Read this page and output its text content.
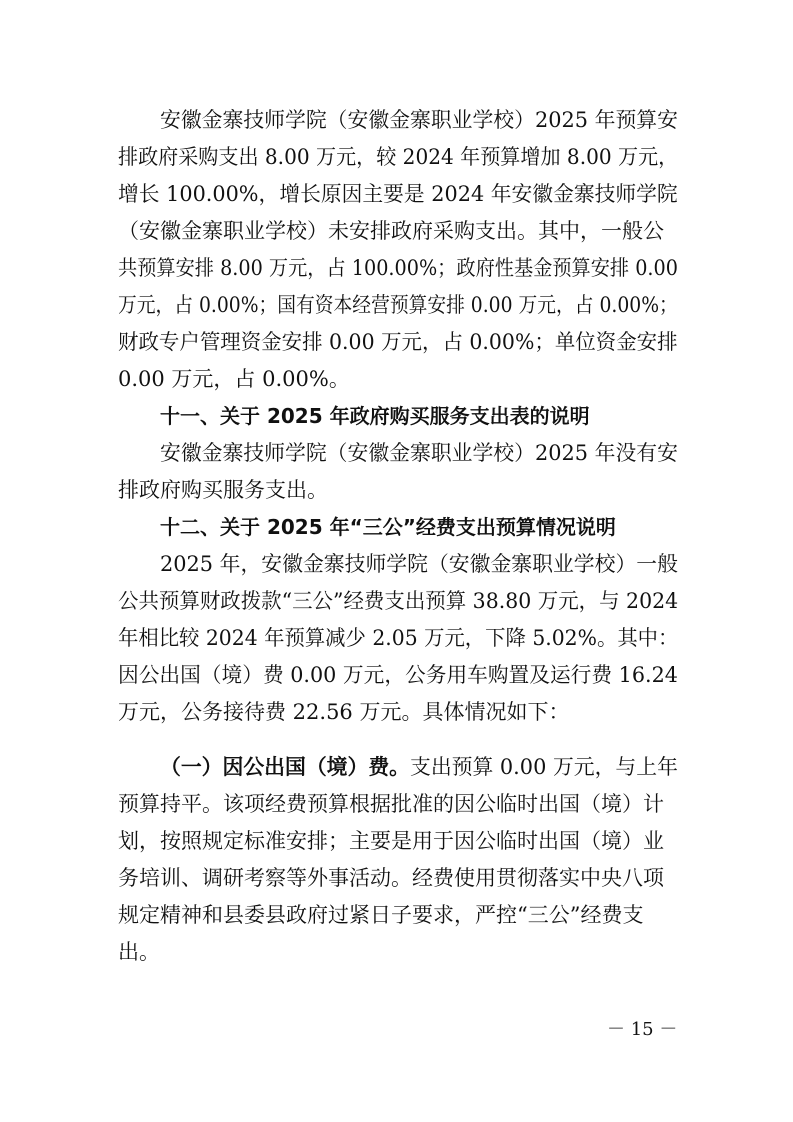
安徽金寨技师学院（安徽金寨职业学校）2025 年预算安
排政府采购支出 8.00 万元，较 2024 年预算增加 8.00 万元，
增长 100.00%，增长原因主要是 2024 年安徽金寨技师学院
（安徽金寨职业学校）未安排政府采购支出。其中，一般公
共预算安排 8.00 万元，占 100.00%；政府性基金预算安排 0.00
万元，占 0.00%；国有资本经营预算安排 0.00 万元，占 0.00%；
财政专户管理资金安排 0.00 万元，占 0.00%；单位资金安排
0.00 万元，占 0.00%。
十一、关于 2025 年政府购买服务支出表的说明
安徽金寨技师学院（安徽金寨职业学校）2025 年没有安
排政府购买服务支出。
十二、关于 2025 年“三公”经费支出预算情况说明
2025 年，安徽金寨技师学院（安徽金寨职业学校）一般
公共预算财政拨款“三公”经费支出预算 38.80 万元，与 2024
年相比较 2024 年预算减少 2.05 万元，下降 5.02%。其中：
因公出国（境）费 0.00 万元，公务用车购置及运行费 16.24
万元，公务接待费 22.56 万元。具体情况如下：
（一）因公出国（境）费。支出预算 0.00 万元，与上年
预算持平。该项经费预算根据批准的因公临时出国（境）计
划，按照规定标准安排；主要是用于因公临时出国（境）业
务培训、调研考察等外事活动。经费使用贯彻落实中央八项
规定精神和县委县政府过紧日子要求，严控“三公”经费支
出。
－ 15 －
